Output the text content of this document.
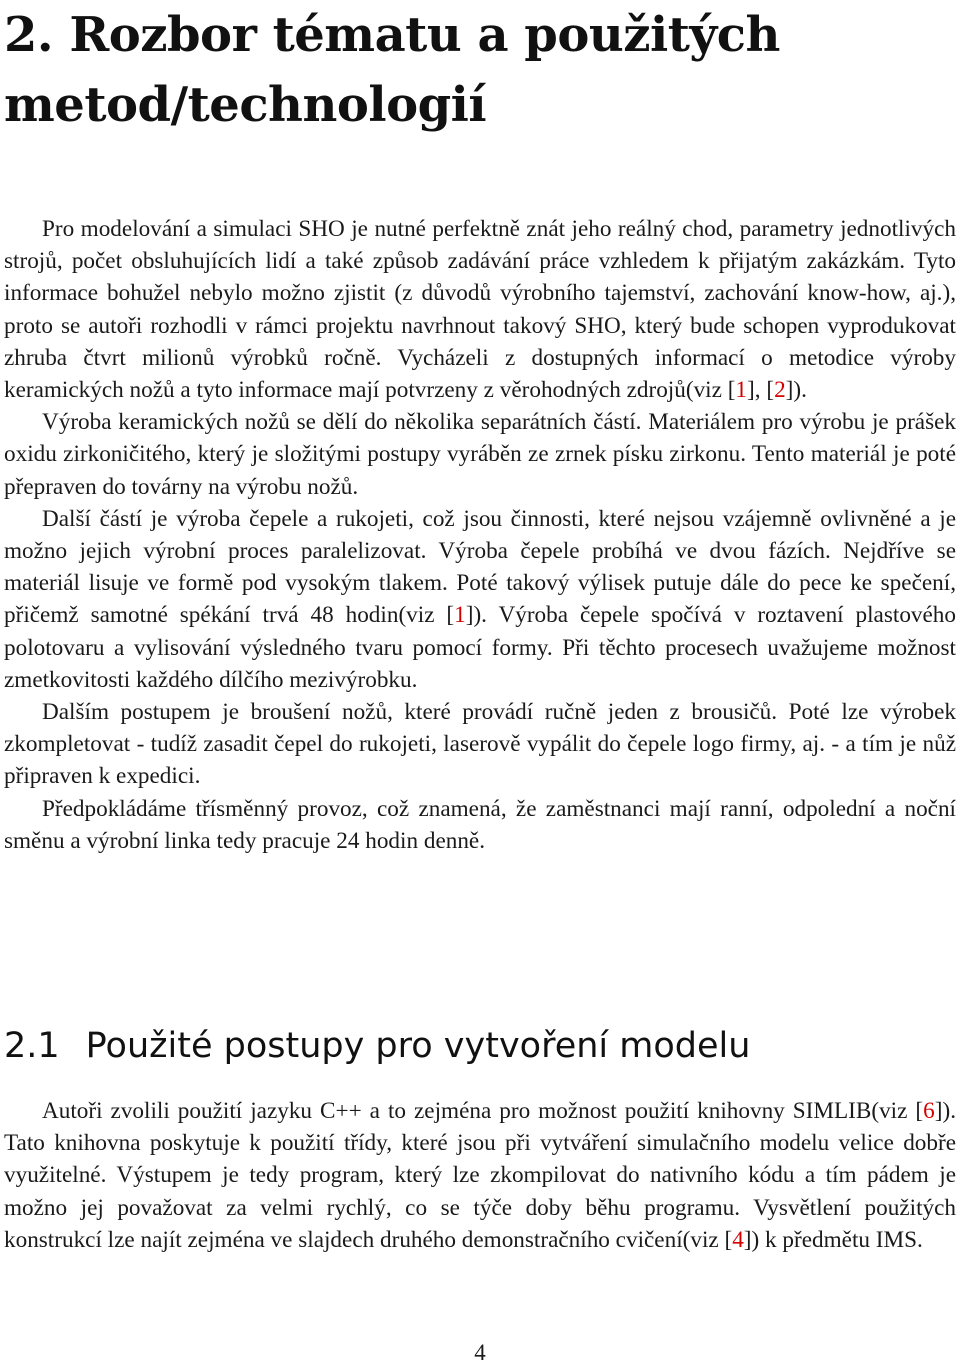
2. Rozbor tématu a použitých metod/technologií

Pro modelování a simulaci SHO je nutné perfektně znát jeho reálný chod, parametry jednotlivých strojů, počet obsluhujících lidí a také způsob zadávání práce vzhledem k přijatým zakázkám. Tyto informace bohužel nebylo možno zjistit (z důvodů výrobního tajemství, zachování know-how, aj.), proto se autoři rozhodli v rámci projektu navrhnout takový SHO, který bude schopen vyprodukovat zhruba čtvrt milionů výrobků ročně. Vycházeli z dostupných informací o metodice výroby keramických nožů a tyto informace mají potvrzeny z věrohodných zdrojů(viz [1], [2]).

Výroba keramických nožů se dělí do několika separátních částí. Materiálem pro výrobu je prášek oxidu zirkoničitého, který je složitými postupy vyráběn ze zrnek písku zirkonu. Tento materiál je poté přepraven do továrny na výrobu nožů.

Další částí je výroba čepele a rukojeti, což jsou činnosti, které nejsou vzájemně ovlivněné a je možno jejich výrobní proces paralelizovat. Výroba čepele probíhá ve dvou fázích. Nejdříve se materiál lisuje ve formě pod vysokým tlakem. Poté takový výlisek putuje dále do pece ke spečení, přičemž samotné spékání trvá 48 hodin(viz [1]). Výroba čepele spočívá v roztavení plastového polotovaru a vylisování výsledného tvaru pomocí formy. Při těchto procesech uvažujeme možnost zmetkovitosti každého dílčího mezivýrobku.

Dalším postupem je broušení nožů, které provádí ručně jeden z brousičů. Poté lze výrobek zkompletovat - tudíž zasadit čepel do rukojeti, laserově vypálit do čepele logo firmy, aj. - a tím je nůž připraven k expedici.

Předpokládáme třísměnný provoz, což znamená, že zaměstnanci mají ranní, odpolední a noční směnu a výrobní linka tedy pracuje 24 hodin denně.

2.1 Použité postupy pro vytvoření modelu

Autoři zvolili použití jazyku C++ a to zejména pro možnost použití knihovny SIMLIB(viz [6]). Tato knihovna poskytuje k použití třídy, které jsou při vytváření simulačního modelu velice dobře využitelné. Výstupem je tedy program, který lze zkompilovat do nativního kódu a tím pádem je možno jej považovat za velmi rychlý, co se týče doby běhu programu. Vysvětlení použitých konstrukcí lze najít zejména ve slajdech druhého demonstračního cvičení(viz [4]) k předmětu IMS.

4
